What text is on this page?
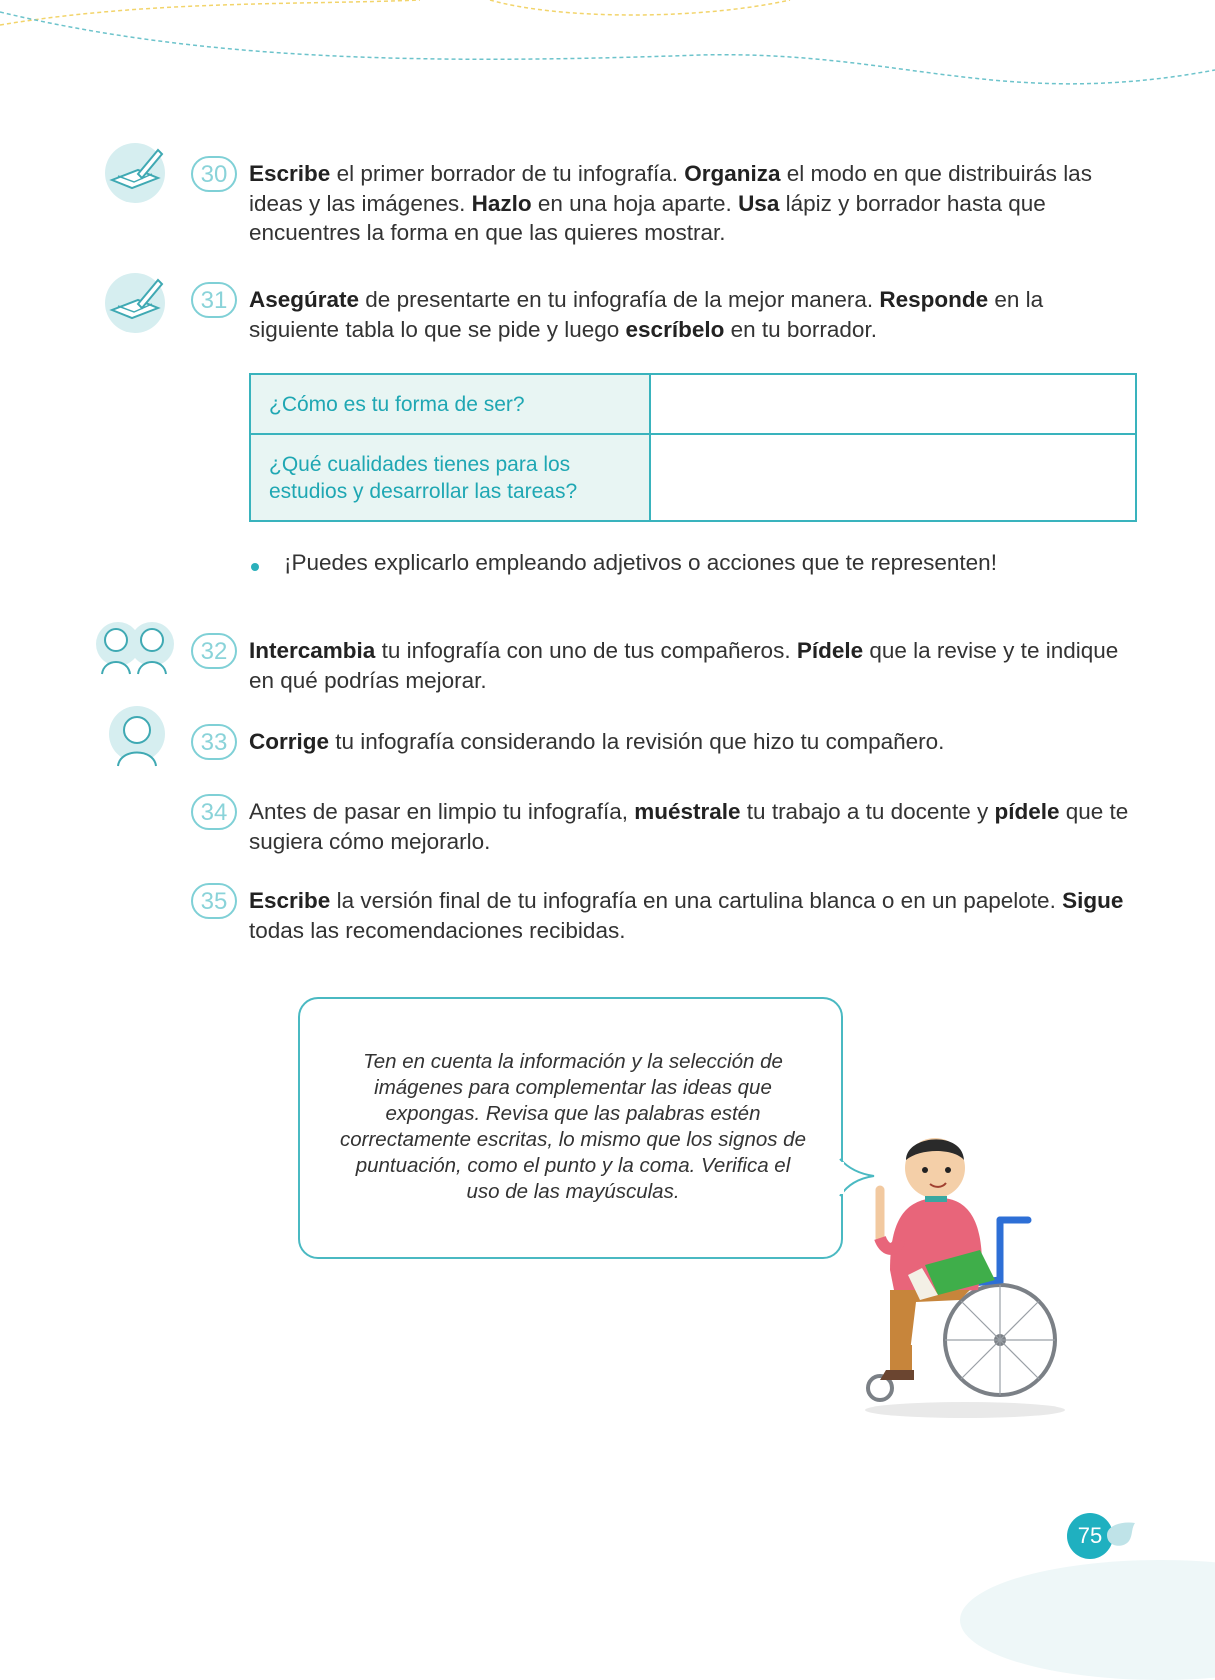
30 Escribe el primer borrador de tu infografía. Organiza el modo en que distribuirás las ideas y las imágenes. Hazlo en una hoja aparte. Usa lápiz y borrador hasta que encuentres la forma en que las quieres mostrar.

31 Asegúrate de presentarte en tu infografía de la mejor manera. Responde en la siguiente tabla lo que se pide y luego escríbelo en tu borrador.

¿Cómo es tu forma de ser?	
¿Qué cualidades tienes para los estudios y desarrollar las tareas?	
¡Puedes explicarlo empleando adjetivos o acciones que te representen!
32 Intercambia tu infografía con uno de tus compañeros. Pídele que la revise y te indique en qué podrías mejorar.

33 Corrige tu infografía considerando la revisión que hizo tu compañero.

34 Antes de pasar en limpio tu infografía, muéstrale tu trabajo a tu docente y pídele que te sugiera cómo mejorarlo.

35 Escribe la versión final de tu infografía en una cartulina blanca o en un papelote. Sigue todas las recomendaciones recibidas.

Ten en cuenta la información y la selección de imágenes para complementar las ideas que expongas. Revisa que las palabras estén correctamente escritas, lo mismo que los signos de puntuación, como el punto y la coma. Verifica el uso de las mayúsculas.

75
